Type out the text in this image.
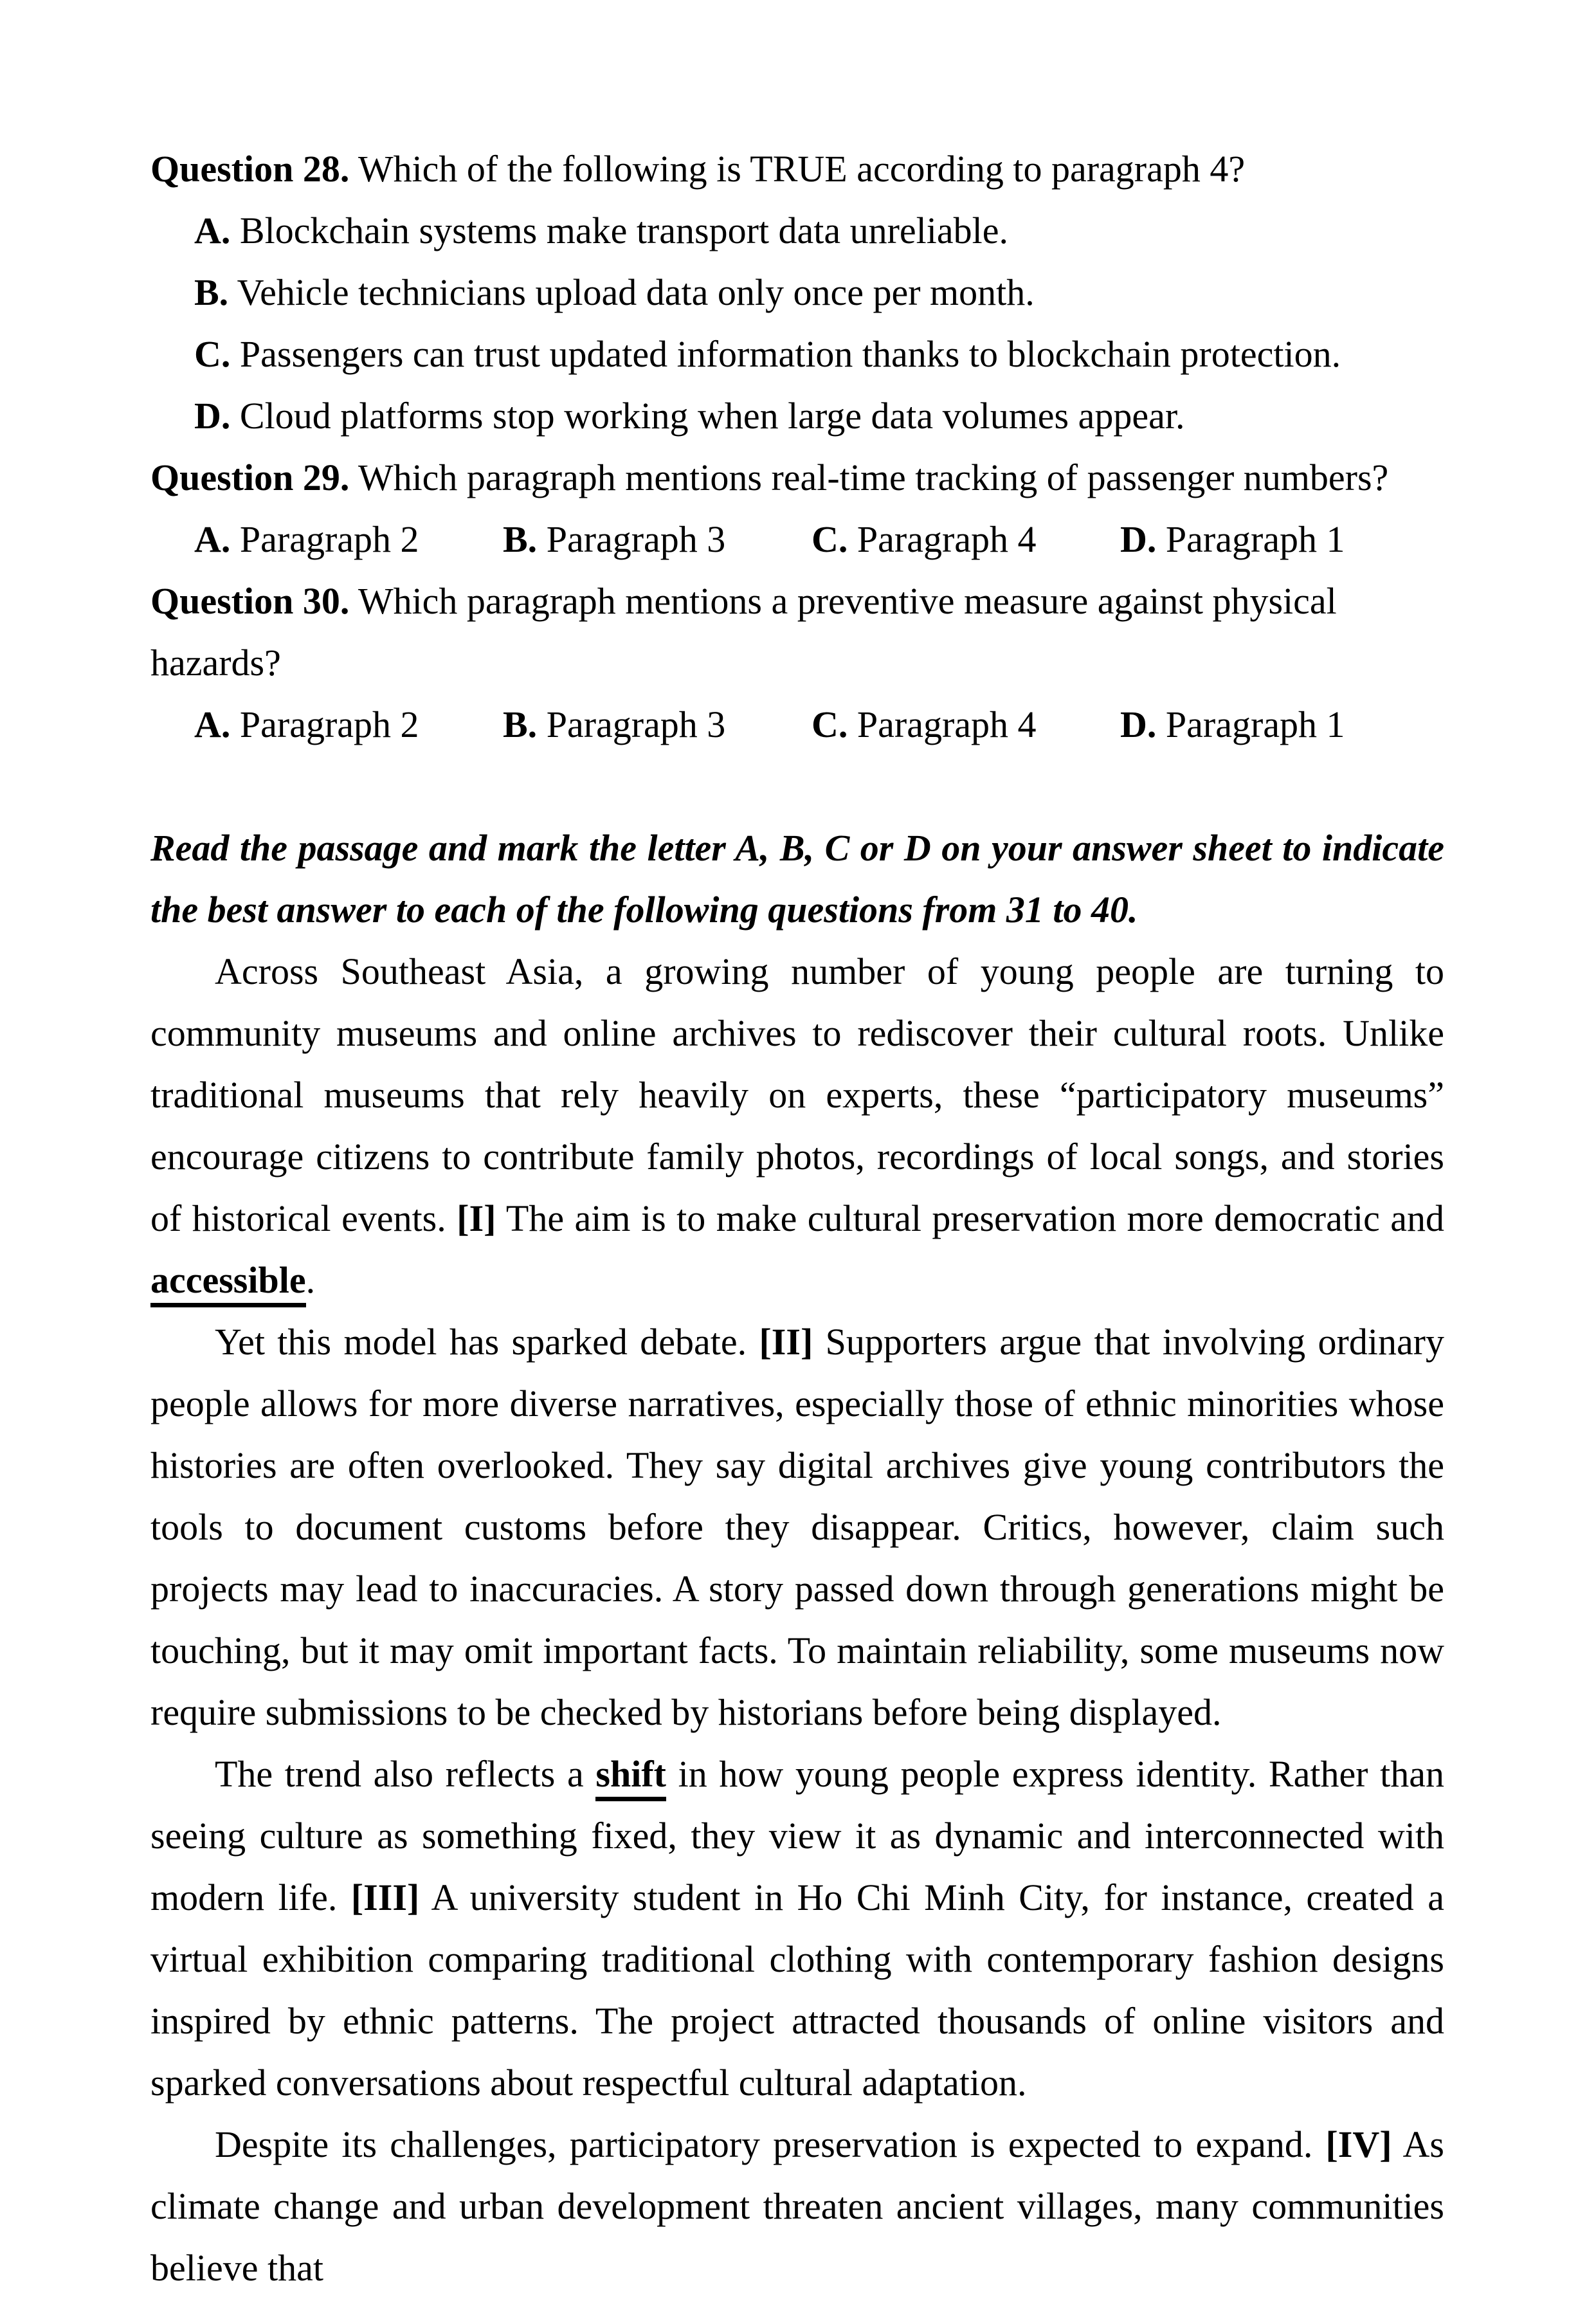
Question 28. Which of the following is TRUE according to paragraph 4?
A. Blockchain systems make transport data unreliable.
B. Vehicle technicians upload data only once per month.
C. Passengers can trust updated information thanks to blockchain protection.
D. Cloud platforms stop working when large data volumes appear.
Question 29. Which paragraph mentions real-time tracking of passenger numbers?
A. Paragraph 2	B. Paragraph 3	C. Paragraph 4	D. Paragraph 1
Question 30. Which paragraph mentions a preventive measure against physical hazards?
A. Paragraph 2	B. Paragraph 3	C. Paragraph 4	D. Paragraph 1

Read the passage and mark the letter A, B, C or D on your answer sheet to indicate the best answer to each of the following questions from 31 to 40.

Across Southeast Asia, a growing number of young people are turning to community museums and online archives to rediscover their cultural roots. Unlike traditional museums that rely heavily on experts, these “participatory museums” encourage citizens to contribute family photos, recordings of local songs, and stories of historical events. [I] The aim is to make cultural preservation more democratic and accessible.

Yet this model has sparked debate. [II] Supporters argue that involving ordinary people allows for more diverse narratives, especially those of ethnic minorities whose histories are often overlooked. They say digital archives give young contributors the tools to document customs before they disappear. Critics, however, claim such projects may lead to inaccuracies. A story passed down through generations might be touching, but it may omit important facts. To maintain reliability, some museums now require submissions to be checked by historians before being displayed.

The trend also reflects a shift in how young people express identity. Rather than seeing culture as something fixed, they view it as dynamic and interconnected with modern life. [III] A university student in Ho Chi Minh City, for instance, created a virtual exhibition comparing traditional clothing with contemporary fashion designs inspired by ethnic patterns. The project attracted thousands of online visitors and sparked conversations about respectful cultural adaptation.

Despite its challenges, participatory preservation is expected to expand. [IV] As climate change and urban development threaten ancient villages, many communities believe that
